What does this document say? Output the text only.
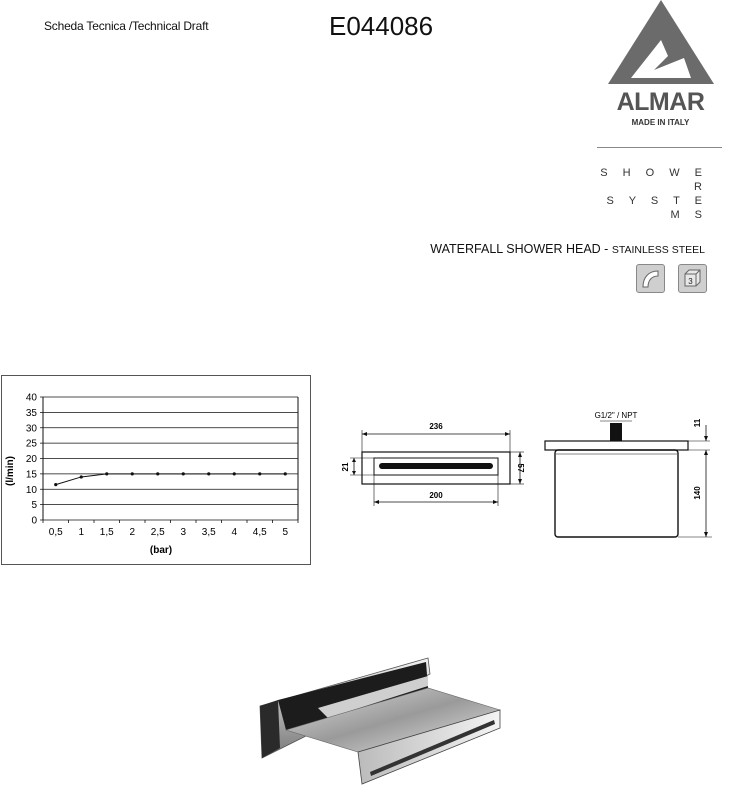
Scheda Tecnica /Technical Draft	E044086
ALMAR
MADE IN ITALY
S H O W E R
S Y S T E M S
WATERFALL SHOWER HEAD - STAINLESS STEEL
3
0
5
10
15
20
25
30
35
40
0,5 1 1,5 2 2,5 3 3,5 4 4,5 5
(bar)
(l/min)
236
57
21
200
G1/2" / NPT
11
140
